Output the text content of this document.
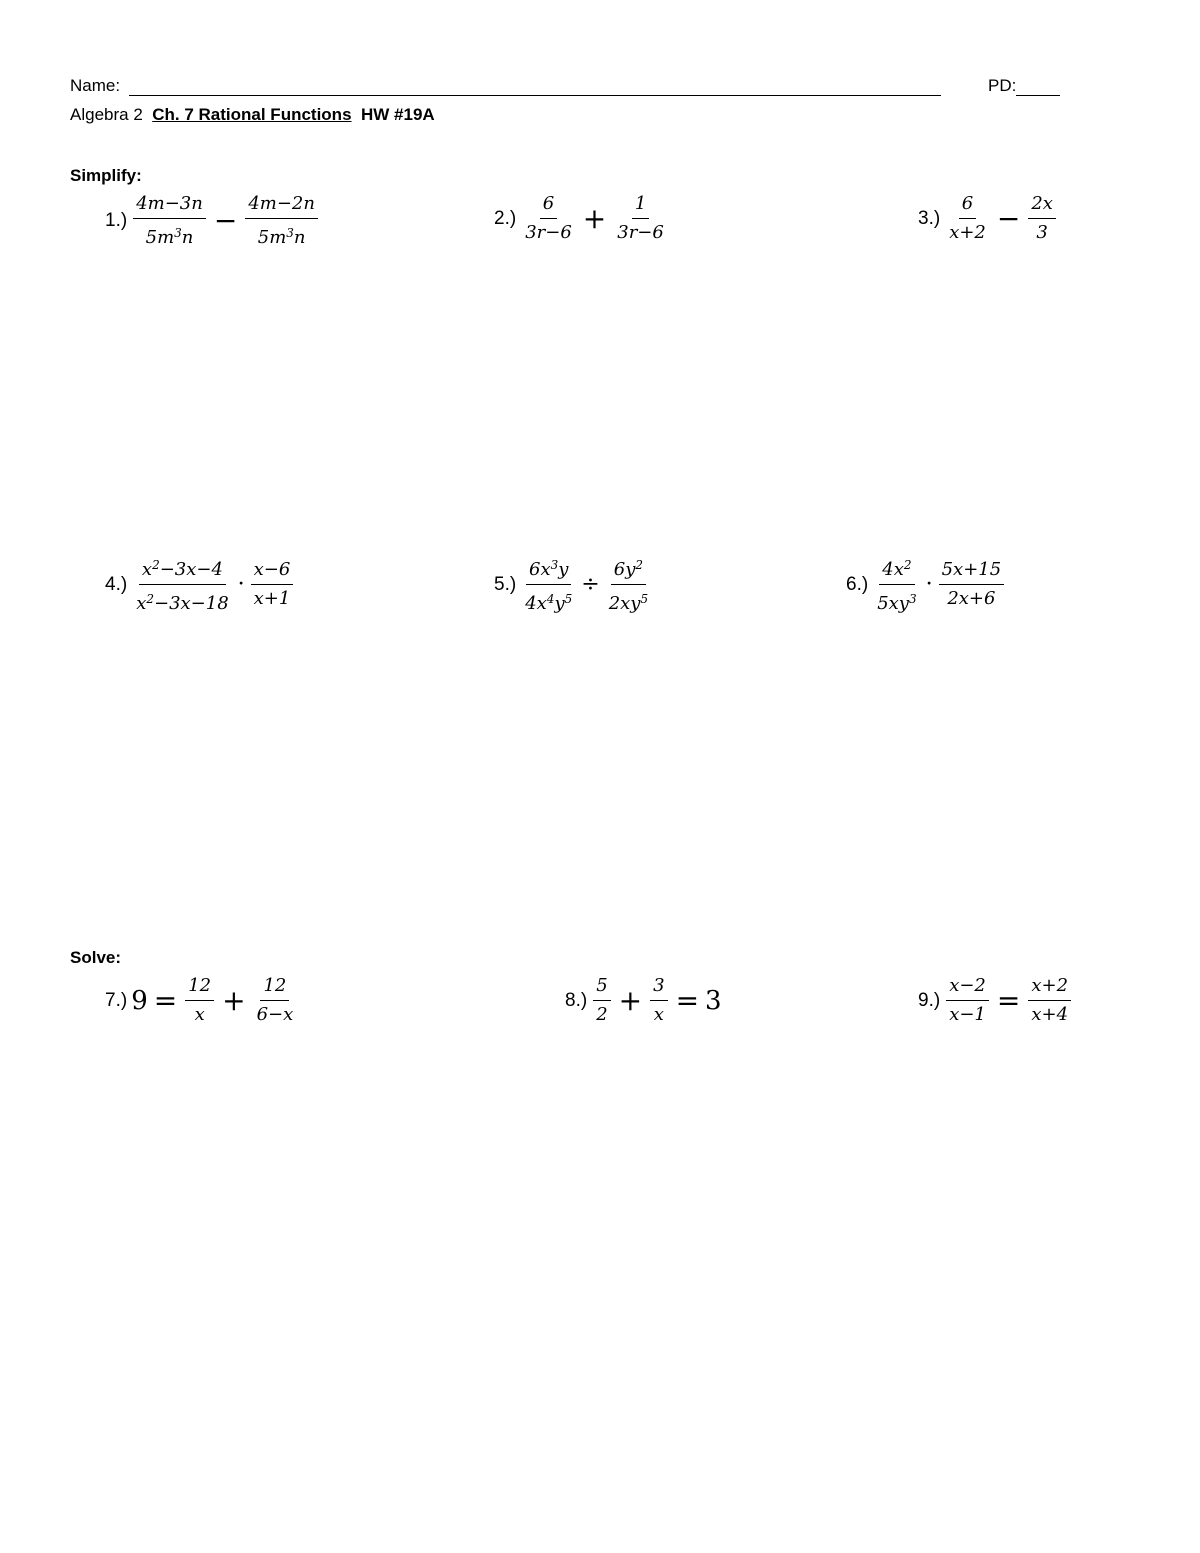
Name:	PD:
Algebra 2 Ch. 7 Rational Functions HW #19A
Simplify:
$1.) \frac{4m-3n}{5m^3n} - \frac{4m-2n}{5m^3n}$	$2.) \frac{6}{3r-6} + \frac{1}{3r-6}$	$3.) \frac{6}{x+2} - \frac{2x}{3}$
$4.) \frac{x^2-3x-4}{x^2-3x-18} \cdot \frac{x-6}{x+1}$	$5.) \frac{6x^3y}{4x^4y^5} \div \frac{6y^2}{2xy^5}$	$6.) \frac{4x^2}{5xy^3} \cdot \frac{5x+15}{2x+6}$
Solve:
7.) $9 = \frac{12}{x} + \frac{12}{6-x}$	$8.) \frac{5}{2} + \frac{3}{x} = 3$	$9.) \frac{x-2}{x-1} = \frac{x+2}{x+4}$
